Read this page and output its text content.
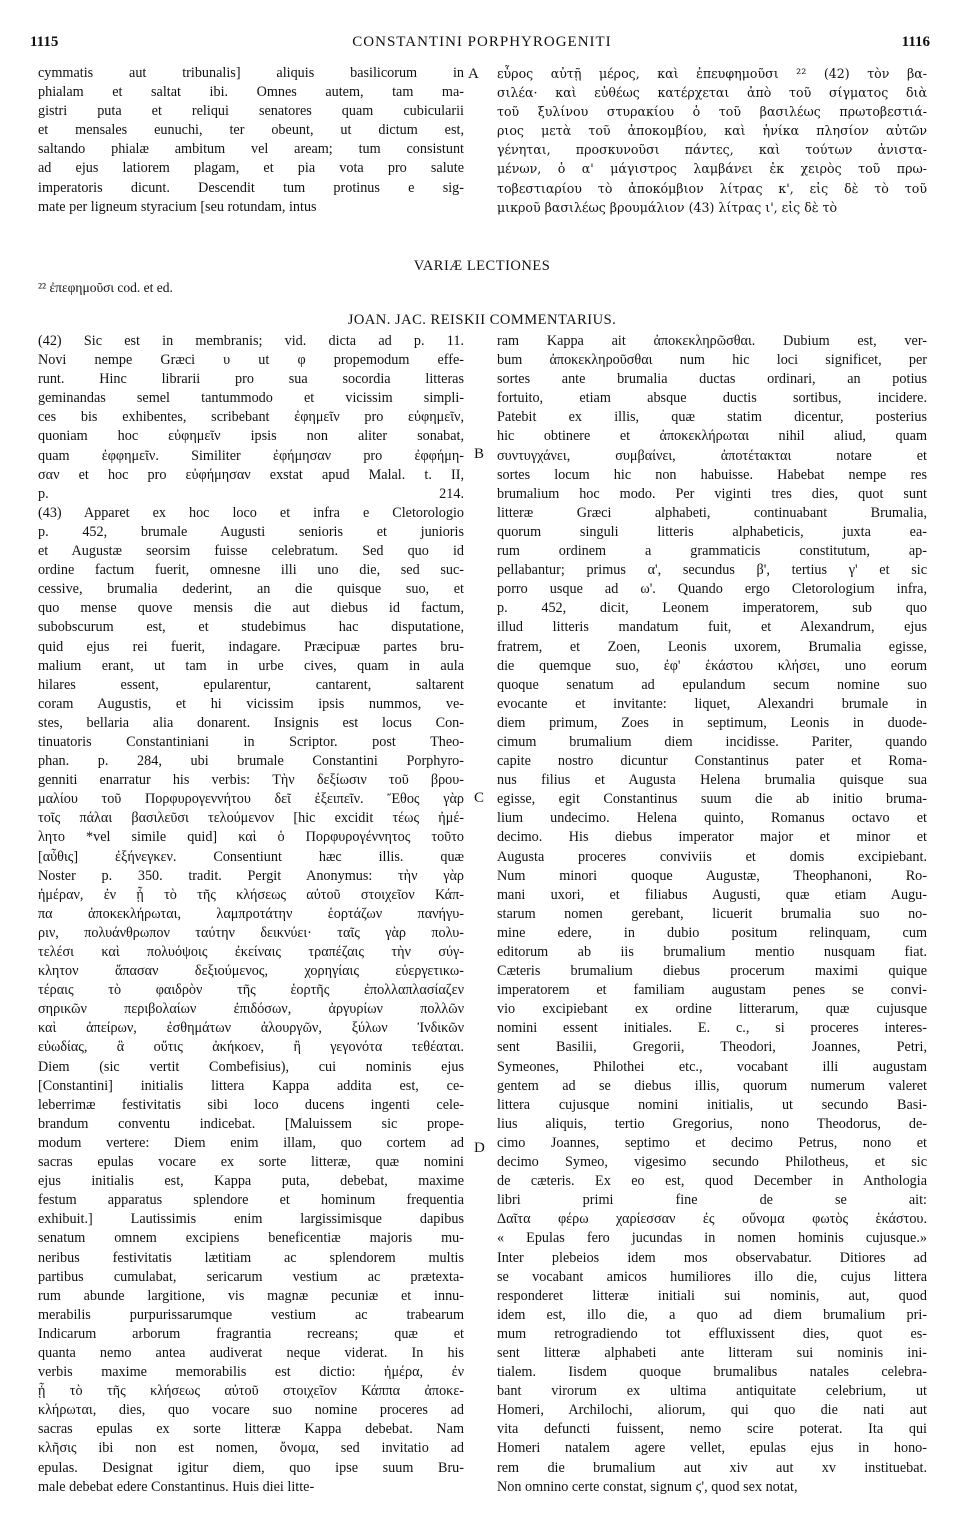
1115	CONSTANTINI PORPHYROGENITI	1116
cymmatis aut tribunalis] aliquis basilicorum in
phialam et saltat ibi. Omnes autem, tam ma-
gistri puta et reliqui senatores quam cubicularii
et mensales eunuchi, ter obeunt, ut dictum est,
saltando phialæ ambitum vel aream; tum consistunt
ad ejus latiorem plagam, et pia vota pro salute
imperatoris dicunt. Descendit tum protinus e sig-
mate per ligneum styracium [seu rotundam, intus
εὖρος αὐτῇ μέρος, καὶ ἐπευφημοῦσι ²² (42) τὸν βα-
σιλέα· καὶ εὐθέως κατέρχεται ἀπὸ τοῦ σίγματος διὰ
τοῦ ξυλίνου στυρακίου ὁ τοῦ βασιλέως πρωτοβεστιά-
ριος μετὰ τοῦ ἀποκομβίου, καὶ ἡνίκα πλησίον αὐτῶν
γένηται, προσκυνοῦσι πάντες, καὶ τούτων ἀνιστα-
μένων, ὁ α' μάγιστρος λαμβάνει ἐκ χειρὸς τοῦ πρω-
τοβεστιαρίου τὸ ἀποκόμβιον λίτρας κ', εἰς δὲ τὸ τοῦ
μικροῦ βασιλέως βρουμάλιον (43) λίτρας ι', εἰς δὲ τὸ
A
VARIÆ LECTIONES
²² ἐπεφημοῦσι cod. et ed.
JOAN. JAC. REISKII COMMENTARIUS.
(42) Sic est in membranis; vid. dicta ad p. 11.
Novi nempe Græci υ ut φ propemodum effe-
runt. Hinc librarii pro sua socordia litteras
geminandas semel tantummodo et vicissim simpli-
ces bis exhibentes, scribebant ἐφημεῖν pro εὐφημεῖν,
quoniam hoc εὐφημεῖν ipsis non aliter sonabat,
quam ἐφφημεῖν. Similiter ἐφήμησαν pro ἐφφήμη-
σαν et hoc pro εὐφήμησαν exstat apud Malal. t. II,
p. 214.
(43) Apparet ex hoc loco et infra e Cletorologio
p. 452, brumale Augusti senioris et junioris
et Augustæ seorsim fuisse celebratum. Sed quo id
ordine factum fuerit, omnesne illi uno die, sed suc-
cessive, brumalia dederint, an die quisque suo, et
quo mense quove mensis die aut diebus id factum,
subobscurum est, et studebimus hac disputatione,
quid ejus rei fuerit, indagare. Præcipuæ partes bru-
malium erant, ut tam in urbe cives, quam in aula
hilares essent, epularentur, cantarent, saltarent
coram Augustis, et hi vicissim ipsis nummos, ve-
stes, bellaria alia donarent. Insignis est locus Con-
tinuatoris Constantiniani in Scriptor. post Theo-
phan. p. 284, ubi brumale Constantini Porphyro-
genniti enarratur his verbis: Τὴν δεξίωσιν τοῦ βρου-
μαλίου τοῦ Πορφυρογεννήτου δεῖ ἐξειπεῖν. Ἔθος γὰρ
τοῖς πάλαι βασιλεῦσι τελούμενον [hic excidit τέως ἠμέ-
λητο *vel simile quid] καὶ ὁ Πορφυρογέννητος τοῦτο
[αὖθις] ἐξήνεγκεν. Consentiunt hæc illis. quæ
Noster p. 350. tradit. Pergit Anonymus: τὴν γὰρ
ἡμέραν, ἐν ᾗ τὸ τῆς κλήσεως αὐτοῦ στοιχεῖον Κάπ-
πα ἀποκεκλήρωται, λαμπροτάτην ἑορτάζων πανήγυ-
ριν, πολυάνθρωπον ταύτην δεικνύει· ταῖς γὰρ πολυ-
τελέσι καὶ πολυόψοις ἐκείναις τραπέζαις τὴν σύγ-
κλητον ἅπασαν δεξιούμενος, χορηγίαις εὐεργετικω-
τέραις τὸ φαιδρὸν τῆς ἑορτῆς ἐπολλαπλασίαζεν
σηρικῶν περιβολαίων ἐπιδόσων, ἀργυρίων πολλῶν
καὶ ἀπείρων, ἐσθημάτων ἀλουργῶν, ξύλων Ἰνδικῶν
εὐωδίας, ἃ οὔτις ἀκήκοεν, ἢ γεγονότα τεθέαται.
Diem (sic vertit Combefisius), cui nominis ejus
[Constantini] initialis littera Kappa addita est, ce-
leberrimæ festivitatis sibi loco ducens ingenti cele-
brandum conventu indicebat. [Maluissem sic prope-
modum vertere: Diem enim illam, quo cortem ad
sacras epulas vocare ex sorte litteræ, quæ nomini
ejus initialis est, Kappa puta, debebat, maxime
festum apparatus splendore et hominum frequentia
exhibuit.] Lautissimis enim largissimisque dapibus
senatum omnem excipiens beneficentiæ majoris mu-
neribus festivitatis lætitiam ac splendorem multis
partibus cumulabat, sericarum vestium ac prætexta-
rum abunde largitione, vis magnæ pecuniæ et innu-
merabilis purpurissarumque vestium ac trabearum
Indicarum arborum fragrantia recreans; quæ et
quanta nemo antea audiverat neque viderat. In his
verbis maxime memorabilis est dictio: ἡμέρα, ἐν
ᾗ τὸ τῆς κλήσεως αὐτοῦ στοιχεῖον Κάππα ἀποκε-
κλήρωται, dies, quo vocare suo nomine proceres ad
sacras epulas ex sorte litteræ Kappa debebat. Nam
κλῆσις ibi non est nomen, ὄνομα, sed invitatio ad
epulas. Designat igitur diem, quo ipse suum Bru-
male debebat edere Constantinus. Huis diei litte-
ram Kappa ait ἀποκεκληρῶσθαι. Dubium est, ver-
bum ἀποκεκληροῦσθαι num hic loci significet, per
sortes ante brumalia ductas ordinari, an potius
fortuito, etiam absque ductis sortibus, incidere.
Patebit ex illis, quæ statim dicentur, posterius
hic obtinere et ἀποκεκλήρωται nihil aliud, quam
συντυγχάνει, συμβαίνει, ἀποτέτακται notare et
sortes locum hic non habuisse. Habebat nempe res
brumalium hoc modo. Per viginti tres dies, quot sunt
litteræ Græci alphabeti, continuabant Brumalia,
quorum singuli litteris alphabeticis, juxta ea-
rum ordinem a grammaticis constitutum, ap-
pellabantur; primus α', secundus β', tertius γ' et sic
porro usque ad ω'. Quando ergo Cletorologium infra,
p. 452, dicit, Leonem imperatorem, sub quo
illud litteris mandatum fuit, et Alexandrum, ejus
fratrem, et Zoen, Leonis uxorem, Brumalia egisse,
die quemque suo, ἐφ' ἑκάστου κλήσει, uno eorum
quoque senatum ad epulandum secum nomine suo
evocante et invitante: liquet, Alexandri brumale in
diem primum, Zoes in septimum, Leonis in duode-
cimum brumalium diem incidisse. Pariter, quando
capite nostro dicuntur Constantinus pater et Roma-
nus filius et Augusta Helena brumalia quisque sua
egisse, egit Constantinus suum die ab initio bruma-
lium undecimo. Helena quinto, Romanus octavo et
decimo. His diebus imperator major et minor et
Augusta proceres conviviis et domis excipiebant.
Num minori quoque Augustæ, Theophanoni, Ro-
mani uxori, et filiabus Augusti, quæ etiam Augu-
starum nomen gerebant, licuerit brumalia suo no-
mine edere, in dubio positum relinquam, cum
editorum ab iis brumalium mentio nusquam fiat.
Cæteris brumalium diebus procerum maximi quique
imperatorem et familiam augustam penes se convi-
vio excipiebant ex ordine litterarum, quæ cujusque
nomini essent initiales. E. c., si proceres interes-
sent Basilii, Gregorii, Theodori, Joannes, Petri,
Symeones, Philothei etc., vocabant illi augustam
gentem ad se diebus illis, quorum numerum valeret
littera cujusque nomini initialis, ut secundo Basi-
lius aliquis, tertio Gregorius, nono Theodorus, de-
cimo Joannes, septimo et decimo Petrus, nono et
decimo Symeo, vigesimo secundo Philotheus, et sic
de cæteris. Ex eo est, quod December in Anthologia
libri primi fine de se ait:
Δαῖτα φέρω χαρίεσσαν ἐς οὔνομα φωτὸς ἑκάστου.
« Epulas fero jucundas in nomen hominis cujusque.»
Inter plebeios idem mos observabatur. Ditiores ad
se vocabant amicos humiliores illo die, cujus littera
responderet litteræ initiali sui nominis, aut, quod
idem est, illo die, a quo ad diem brumalium pri-
mum retrogradiendo tot effluxissent dies, quot es-
sent litteræ alphabeti ante litteram sui nominis ini-
tialem. Iisdem quoque brumalibus natales celebra-
bant virorum ex ultima antiquitate celebrium, ut
Homeri, Archilochi, aliorum, qui quo die nati aut
vita defuncti fuissent, nemo scire poterat. Ita qui
Homeri natalem agere vellet, epulas ejus in hono-
rem die brumalium aut xiv aut xv instituebat.
Non omnino certe constat, signum ϛ', quod sex notat,
B
C
D
